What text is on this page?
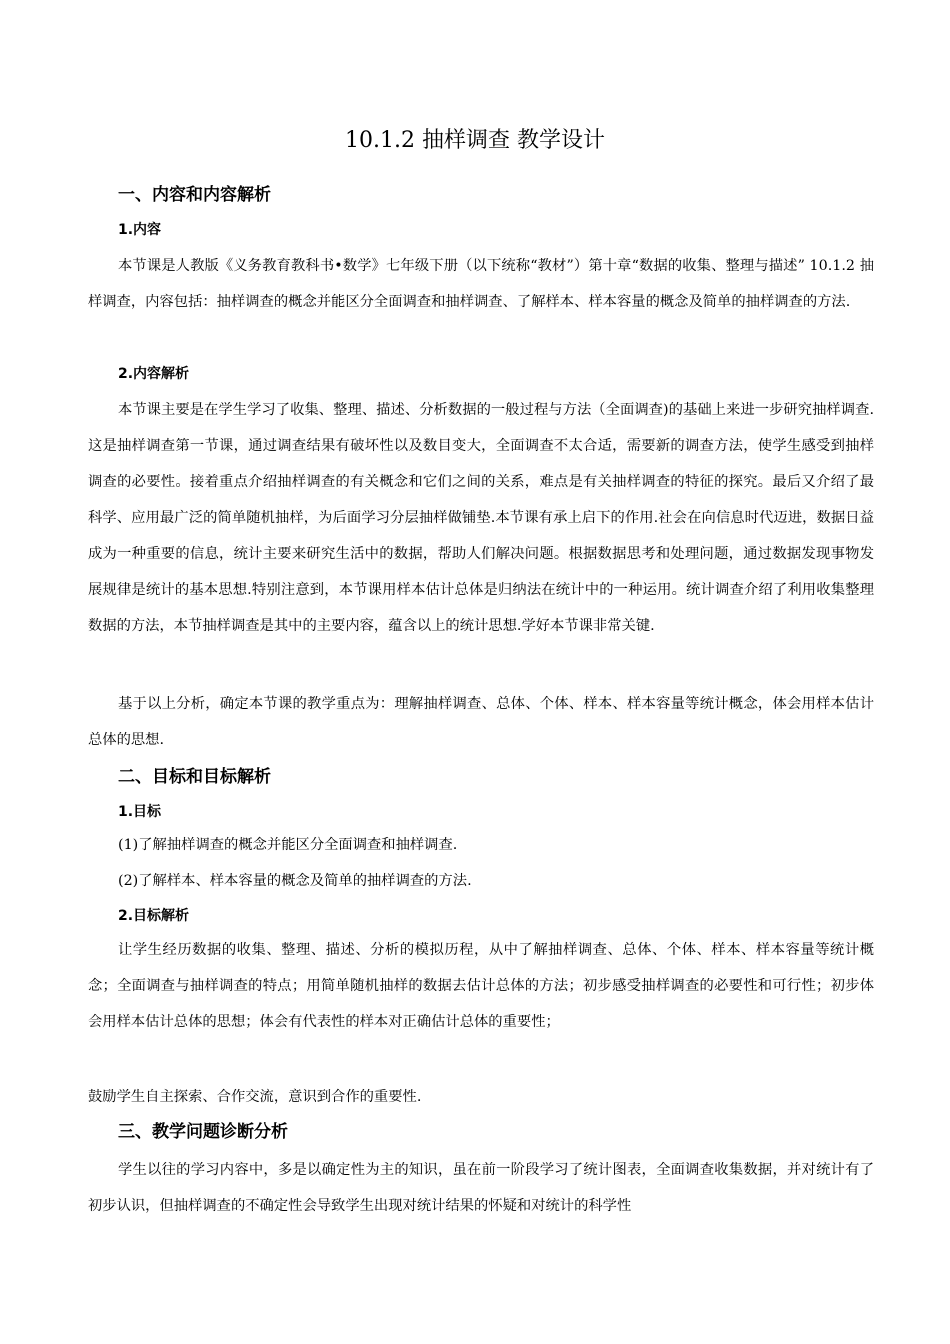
10.1.2 抽样调查 教学设计
一、内容和内容解析
1.内容

本节课是人教版《义务教育教科书•数学》七年级下册（以下统称“教材”）第十章“数据的收集、整理与描述” 10.1.2 抽样调查，内容包括：抽样调查的概念并能区分全面调查和抽样调查、了解样本、样本容量的概念及简单的抽样调查的方法.

2.内容解析

本节课主要是在学生学习了收集、整理、描述、分析数据的一般过程与方法（全面调查)的基础上来进一步研究抽样调查.这是抽样调查第一节课，通过调查结果有破坏性以及数目变大，全面调查不太合适，需要新的调查方法，使学生感受到抽样调查的必要性。接着重点介绍抽样调查的有关概念和它们之间的关系，难点是有关抽样调查的特征的探究。最后又介绍了最科学、应用最广泛的简单随机抽样，为后面学习分层抽样做铺垫.本节课有承上启下的作用.社会在向信息时代迈进，数据日益成为一种重要的信息，统计主要来研究生活中的数据，帮助人们解决问题。根据数据思考和处理问题，通过数据发现事物发展规律是统计的基本思想.特别注意到，本节课用样本估计总体是归纳法在统计中的一种运用。统计调查介绍了利用收集整理数据的方法，本节抽样调查是其中的主要内容，蕴含以上的统计思想.学好本节课非常关键.

基于以上分析，确定本节课的教学重点为：理解抽样调查、总体、个体、样本、样本容量等统计概念，体会用样本估计总体的思想.

二、目标和目标解析
1.目标
(1)了解抽样调查的概念并能区分全面调查和抽样调查.
(2)了解样本、样本容量的概念及简单的抽样调查的方法.
2.目标解析

让学生经历数据的收集、整理、描述、分析的模拟历程，从中了解抽样调查、总体、个体、样本、样本容量等统计概念；全面调查与抽样调查的特点；用简单随机抽样的数据去估计总体的方法；初步感受抽样调查的必要性和可行性；初步体会用样本估计总体的思想；体会有代表性的样本对正确估计总体的重要性；

鼓励学生自主探索、合作交流，意识到合作的重要性.

三、教学问题诊断分析

学生以往的学习内容中，多是以确定性为主的知识，虽在前一阶段学习了统计图表，全面调查收集数据，并对统计有了初步认识，但抽样调查的不确定性会导致学生出现对统计结果的怀疑和对统计的科学性
